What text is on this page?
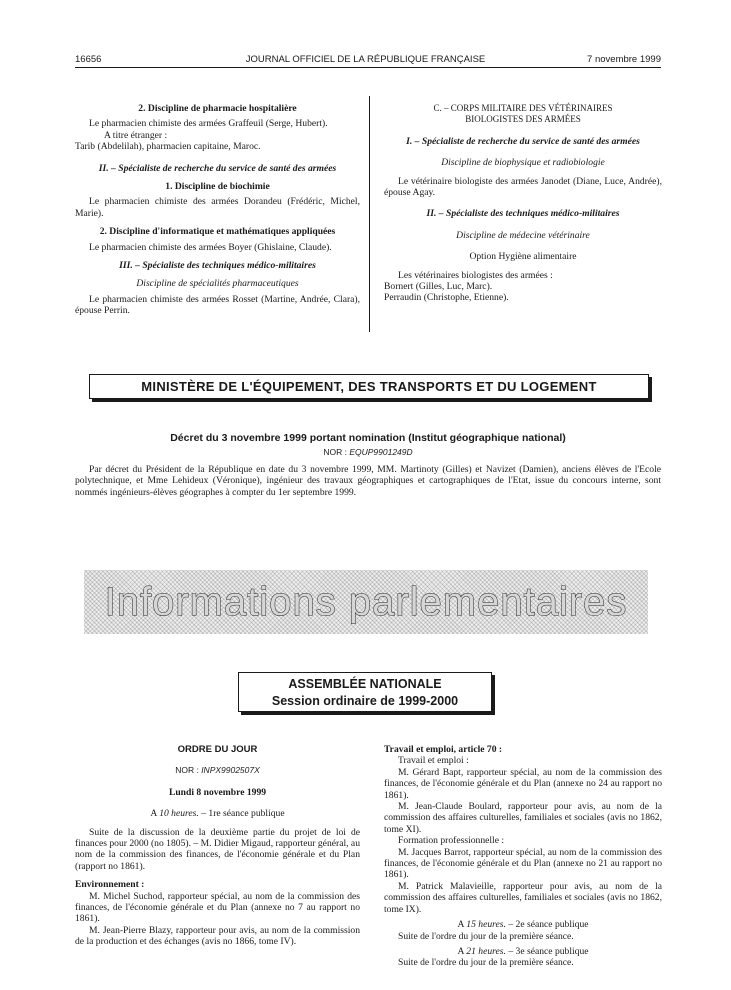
16656	JOURNAL OFFICIEL DE LA RÉPUBLIQUE FRANÇAISE	7 novembre 1999

2. Discipline de pharmacie hospitalière

Le pharmacien chimiste des armées Graffeuil (Serge, Hubert).

A titre étranger :

Tarib (Abdelilah), pharmacien capitaine, Maroc.

II. – Spécialiste de recherche du service de santé des armées

1. Discipline de biochimie

Le pharmacien chimiste des armées Dorandeu (Frédéric, Michel, Marie).

2. Discipline d'informatique et mathématiques appliquées

Le pharmacien chimiste des armées Boyer (Ghislaine, Claude).

III. – Spécialiste des techniques médico-militaires

Discipline de spécialités pharmaceutiques

Le pharmacien chimiste des armées Rosset (Martine, Andrée, Clara), épouse Perrin.

C. – CORPS MILITAIRE DES VÉTÉRINAIRES

BIOLOGISTES DES ARMÉES

I. – Spécialiste de recherche du service de santé des armées

Discipline de biophysique et radiobiologie

Le vétérinaire biologiste des armées Janodet (Diane, Luce, Andrée), épouse Agay.

II. – Spécialiste des techniques médico-militaires

Discipline de médecine vétérinaire

Option Hygiène alimentaire

Les vétérinaires biologistes des armées :

Bornert (Gilles, Luc, Marc).

Perraudin (Christophe, Etienne).

MINISTÈRE DE L'ÉQUIPEMENT, DES TRANSPORTS ET DU LOGEMENT
Décret du 3 novembre 1999 portant nomination (Institut géographique national)
NOR : EQUP9901249D

Par décret du Président de la République en date du 3 novembre 1999, MM. Martinoty (Gilles) et Navizet (Damien), anciens élèves de l'Ecole polytechnique, et Mme Lehideux (Véronique), ingénieur des travaux géographiques et cartographiques de l'Etat, issue du concours interne, sont nommés ingénieurs-élèves géographes à compter du 1er septembre 1999.

Informations parlementaires
ASSEMBLÉE NATIONALE
Session ordinaire de 1999-2000

ORDRE DU JOUR

NOR : INPX9902507X

Lundi 8 novembre 1999

A 10 heures. – 1re séance publique

Suite de la discussion de la deuxième partie du projet de loi de finances pour 2000 (no 1805). – M. Didier Migaud, rapporteur général, au nom de la commission des finances, de l'économie générale et du Plan (rapport no 1861).

Environnement :

M. Michel Suchod, rapporteur spécial, au nom de la commission des finances, de l'économie générale et du Plan (annexe no 7 au rapport no 1861).

M. Jean-Pierre Blazy, rapporteur pour avis, au nom de la commission de la production et des échanges (avis no 1866, tome IV).

Travail et emploi, article 70 :

Travail et emploi :

M. Gérard Bapt, rapporteur spécial, au nom de la commission des finances, de l'économie générale et du Plan (annexe no 24 au rapport no 1861).

M. Jean-Claude Boulard, rapporteur pour avis, au nom de la commission des affaires culturelles, familiales et sociales (avis no 1862, tome XI).

Formation professionnelle :

M. Jacques Barrot, rapporteur spécial, au nom de la commission des finances, de l'économie générale et du Plan (annexe no 21 au rapport no 1861).

M. Patrick Malavieille, rapporteur pour avis, au nom de la commission des affaires culturelles, familiales et sociales (avis no 1862, tome IX).

A 15 heures. – 2e séance publique

Suite de l'ordre du jour de la première séance.

A 21 heures. – 3e séance publique

Suite de l'ordre du jour de la première séance.
